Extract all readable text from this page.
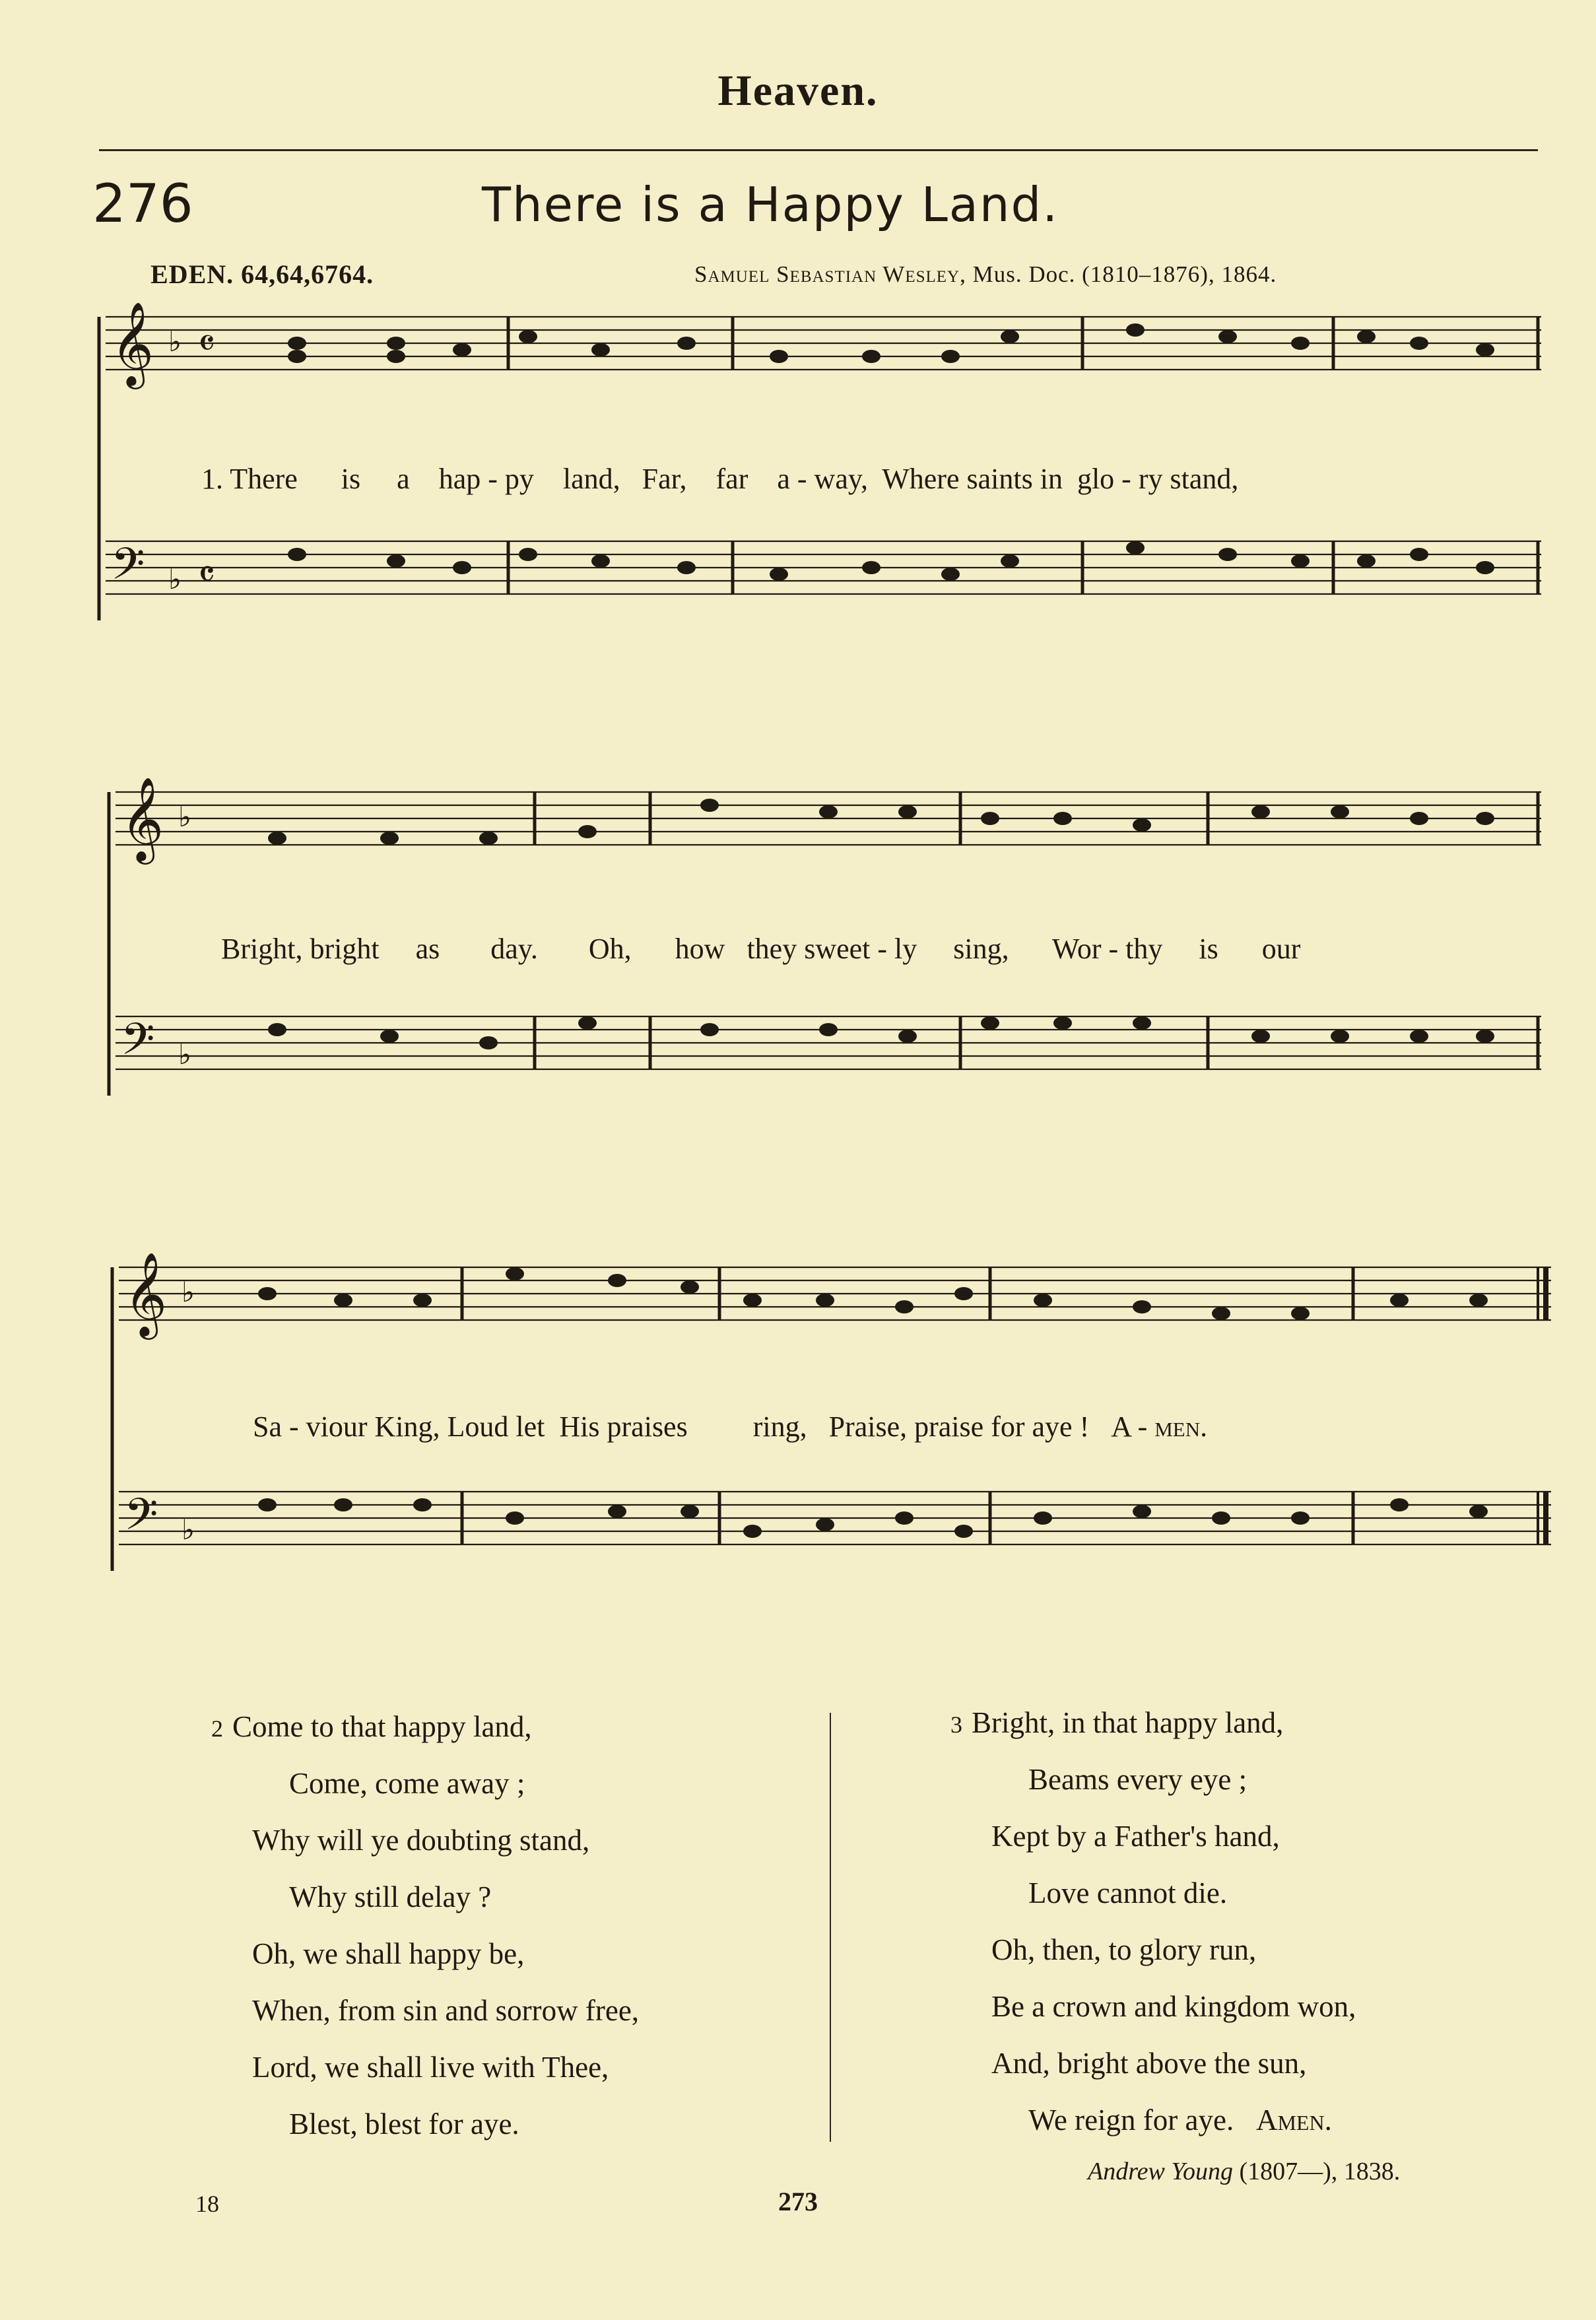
Heaven.
276	There is a Happy Land.
EDEN. 64,64,6764.	Samuel Sebastian Wesley, Mus. Doc. (1810–1876), 1864.
𝄞 ♭ 𝄴
𝄢 ♭ 𝄴
1. There is a hap - py land, Far, far a - way, Where saints in glo - ry stand,
𝄞 ♭
𝄢 ♭
Bright, bright as day. Oh, how they sweet - ly sing, Wor - thy is our
𝄞 ♭
𝄢 ♭
Sa - viour King, Loud let His praises ring, Praise, praise for aye ! A - men.
2 Come to that happy land,
Come, come away ;
Why will ye doubting stand,
Why still delay ?
Oh, we shall happy be,
When, from sin and sorrow free,
Lord, we shall live with Thee,
Blest, blest for aye.
3 Bright, in that happy land,
Beams every eye ;
Kept by a Father's hand,
Love cannot die.
Oh, then, to glory run,
Be a crown and kingdom won,
And, bright above the sun,
We reign for aye. Amen.
Andrew Young (1807—), 1838.
18	273
